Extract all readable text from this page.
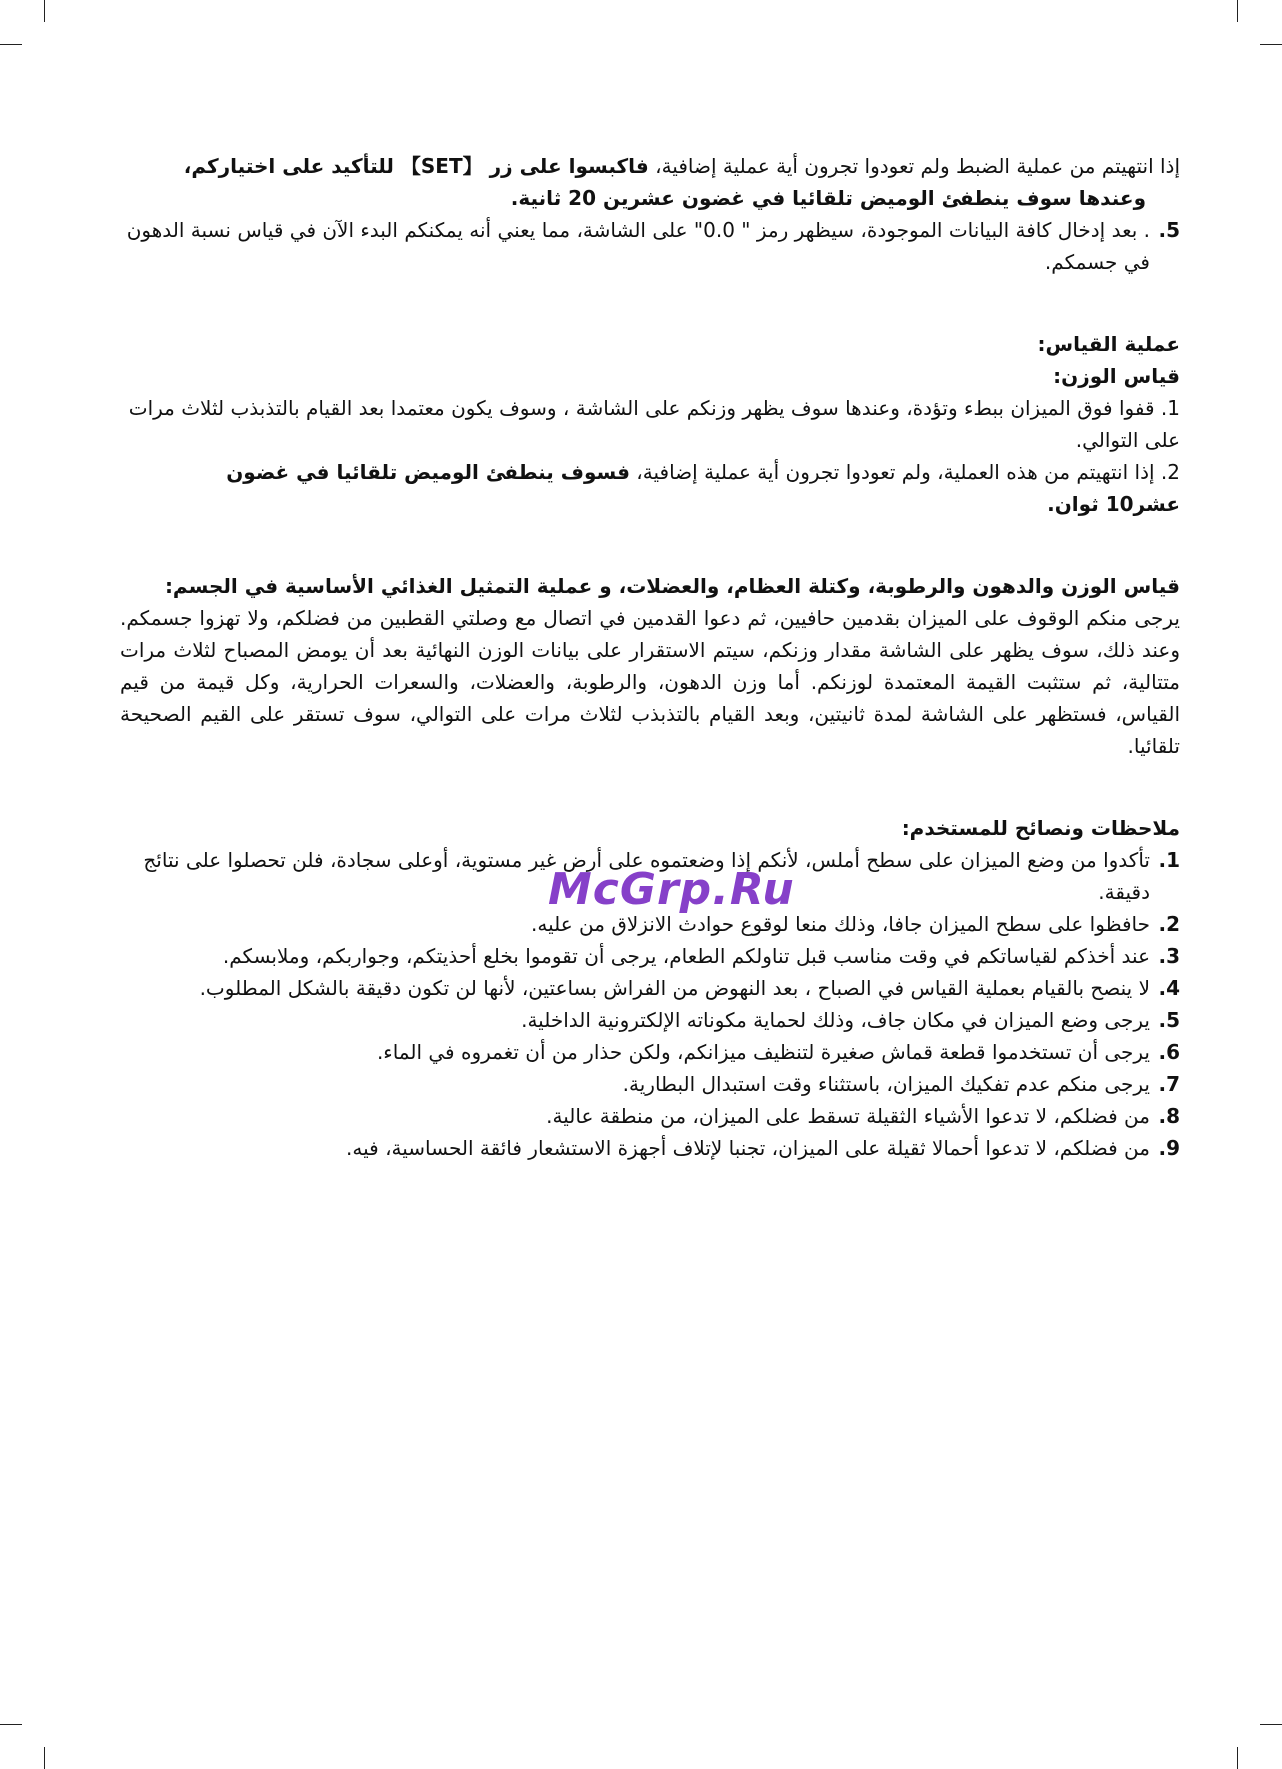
إذا انتهيتم من عملية الضبط ولم تعودوا تجرون أية عملية إضافية، فاكبسوا على زر 【SET】 للتأكيد على اختياركم،

وعندها سوف ينطفئ الوميض تلقائيا في غضون عشرين 20 ثانية.

5.
. بعد إدخال كافة البيانات الموجودة، سيظهر رمز " 0.0" على الشاشة، مما يعني أنه يمكنكم البدء الآن في قياس نسبة الدهون في جسمكم.

عملية القياس:

قياس الوزن:

1. قفوا فوق الميزان ببطء وتؤدة، وعندها سوف يظهر وزنكم على الشاشة ، وسوف يكون معتمدا بعد القيام بالتذبذب لثلاث مرات على التوالي.

2. إذا انتهيتم من هذه العملية، ولم تعودوا تجرون أية عملية إضافية، فسوف ينطفئ الوميض تلقائيا في غضون عشر10 ثوان.

قياس الوزن والدهون والرطوبة، وكتلة العظام، والعضلات، و عملية التمثيل الغذائي الأساسية في الجسم:

يرجى منكم الوقوف على الميزان بقدمين حافيين، ثم دعوا القدمين في اتصال مع وصلتي القطبين من فضلكم، ولا تهزوا جسمكم. وعند ذلك، سوف يظهر على الشاشة مقدار وزنكم، سيتم الاستقرار على بيانات الوزن النهائية بعد أن يومض المصباح لثلاث مرات متتالية، ثم ستثبت القيمة المعتمدة لوزنكم. أما وزن الدهون، والرطوبة، والعضلات، والسعرات الحرارية، وكل قيمة من قيم القياس، فستظهر على الشاشة لمدة ثانيتين، وبعد القيام بالتذبذب لثلاث مرات على التوالي، سوف تستقر على القيم الصحيحة تلقائيا.

ملاحظات ونصائح للمستخدم:

1.
تأكدوا من وضع الميزان على سطح أملس، لأنكم إذا وضعتموه على أرض غير مستوية، أوعلى سجادة، فلن تحصلوا على نتائج دقيقة.
2.
حافظوا على سطح الميزان جافا، وذلك منعا لوقوع حوادث الانزلاق من عليه.
3.
عند أخذكم لقياساتكم في وقت مناسب قبل تناولكم الطعام، يرجى أن تقوموا بخلع أحذيتكم، وجواربكم، وملابسكم.
4.
لا ينصح بالقيام بعملية القياس في الصباح ، بعد النهوض من الفراش بساعتين، لأنها لن تكون دقيقة بالشكل المطلوب.
5.
يرجى وضع الميزان في مكان جاف، وذلك لحماية مكوناته الإلكترونية الداخلية.
6.
يرجى أن تستخدموا قطعة قماش صغيرة لتنظيف ميزانكم، ولكن حذار من أن تغمروه في الماء.
7.
يرجى منكم عدم تفكيك الميزان، باستثناء وقت استبدال البطارية.
8.
من فضلكم، لا تدعوا الأشياء الثقيلة تسقط على الميزان، من منطقة عالية.
9.
من فضلكم، لا تدعوا أحمالا ثقيلة على الميزان، تجنبا لإتلاف أجهزة الاستشعار فائقة الحساسية، فيه.
McGrp.Ru
